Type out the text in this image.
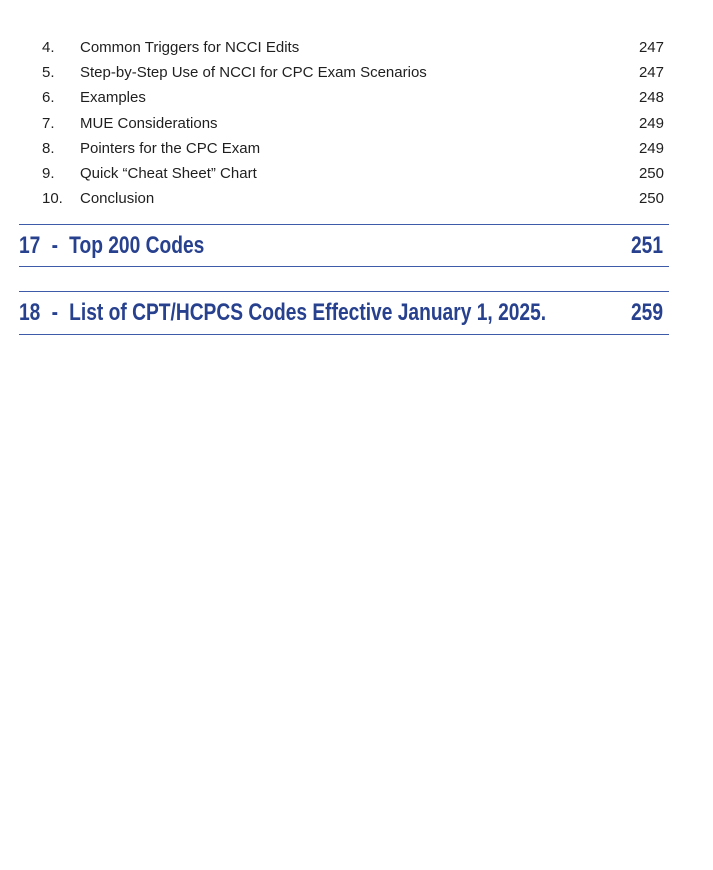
4.	Common Triggers for NCCI Edits	247
5.	Step-by-Step Use of NCCI for CPC Exam Scenarios	247
6.	Examples	248
7.	MUE Considerations	249
8.	Pointers for the CPC Exam	249
9.	Quick “Cheat Sheet” Chart	250
10.	Conclusion	250
17 - Top 200 Codes	251
18 - List of CPT/HCPCS Codes Effective January 1, 2025.	259
